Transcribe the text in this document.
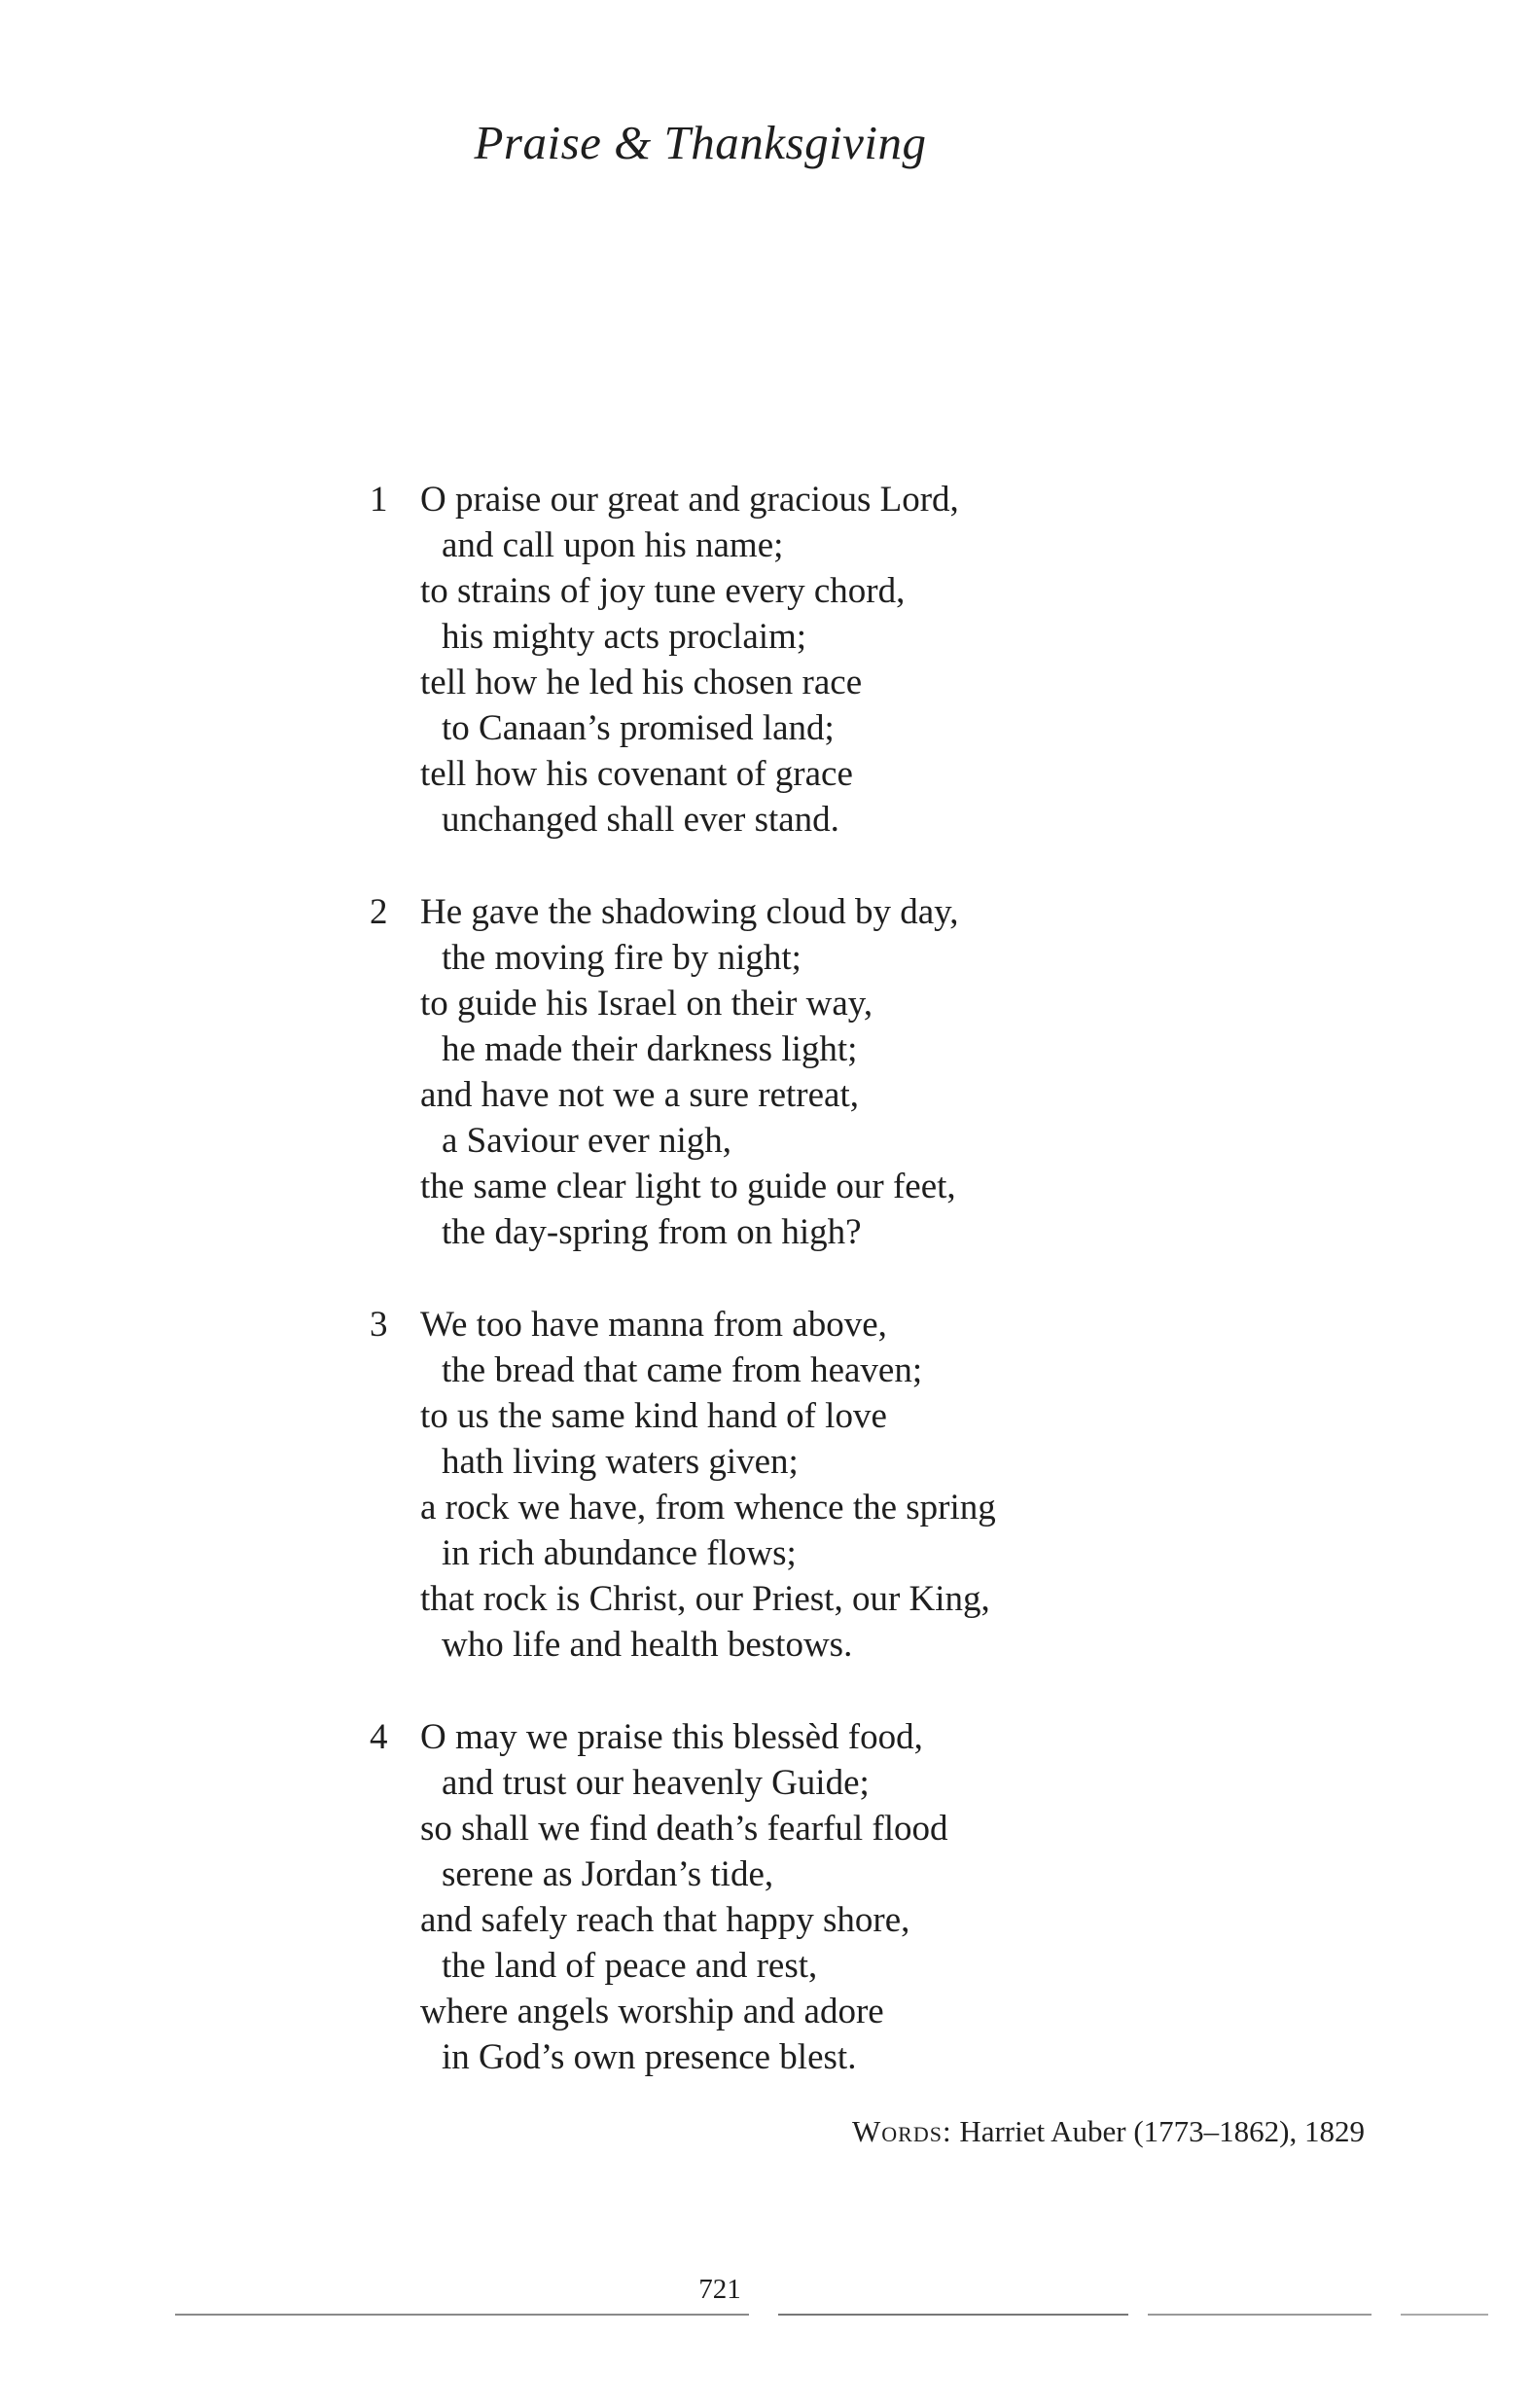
Praise & Thanksgiving
1 O praise our great and gracious Lord,
and call upon his name;
to strains of joy tune every chord,
his mighty acts proclaim;
tell how he led his chosen race
to Canaan’s promised land;
tell how his covenant of grace
unchanged shall ever stand.
2 He gave the shadowing cloud by day,
the moving fire by night;
to guide his Israel on their way,
he made their darkness light;
and have not we a sure retreat,
a Saviour ever nigh,
the same clear light to guide our feet,
the day-spring from on high?
3 We too have manna from above,
the bread that came from heaven;
to us the same kind hand of love
hath living waters given;
a rock we have, from whence the spring
in rich abundance flows;
that rock is Christ, our Priest, our King,
who life and health bestows.
4 O may we praise this blessèd food,
and trust our heavenly Guide;
so shall we find death’s fearful flood
serene as Jordan’s tide,
and safely reach that happy shore,
the land of peace and rest,
where angels worship and adore
in God’s own presence blest.
Words: Harriet Auber (1773–1862), 1829
721
